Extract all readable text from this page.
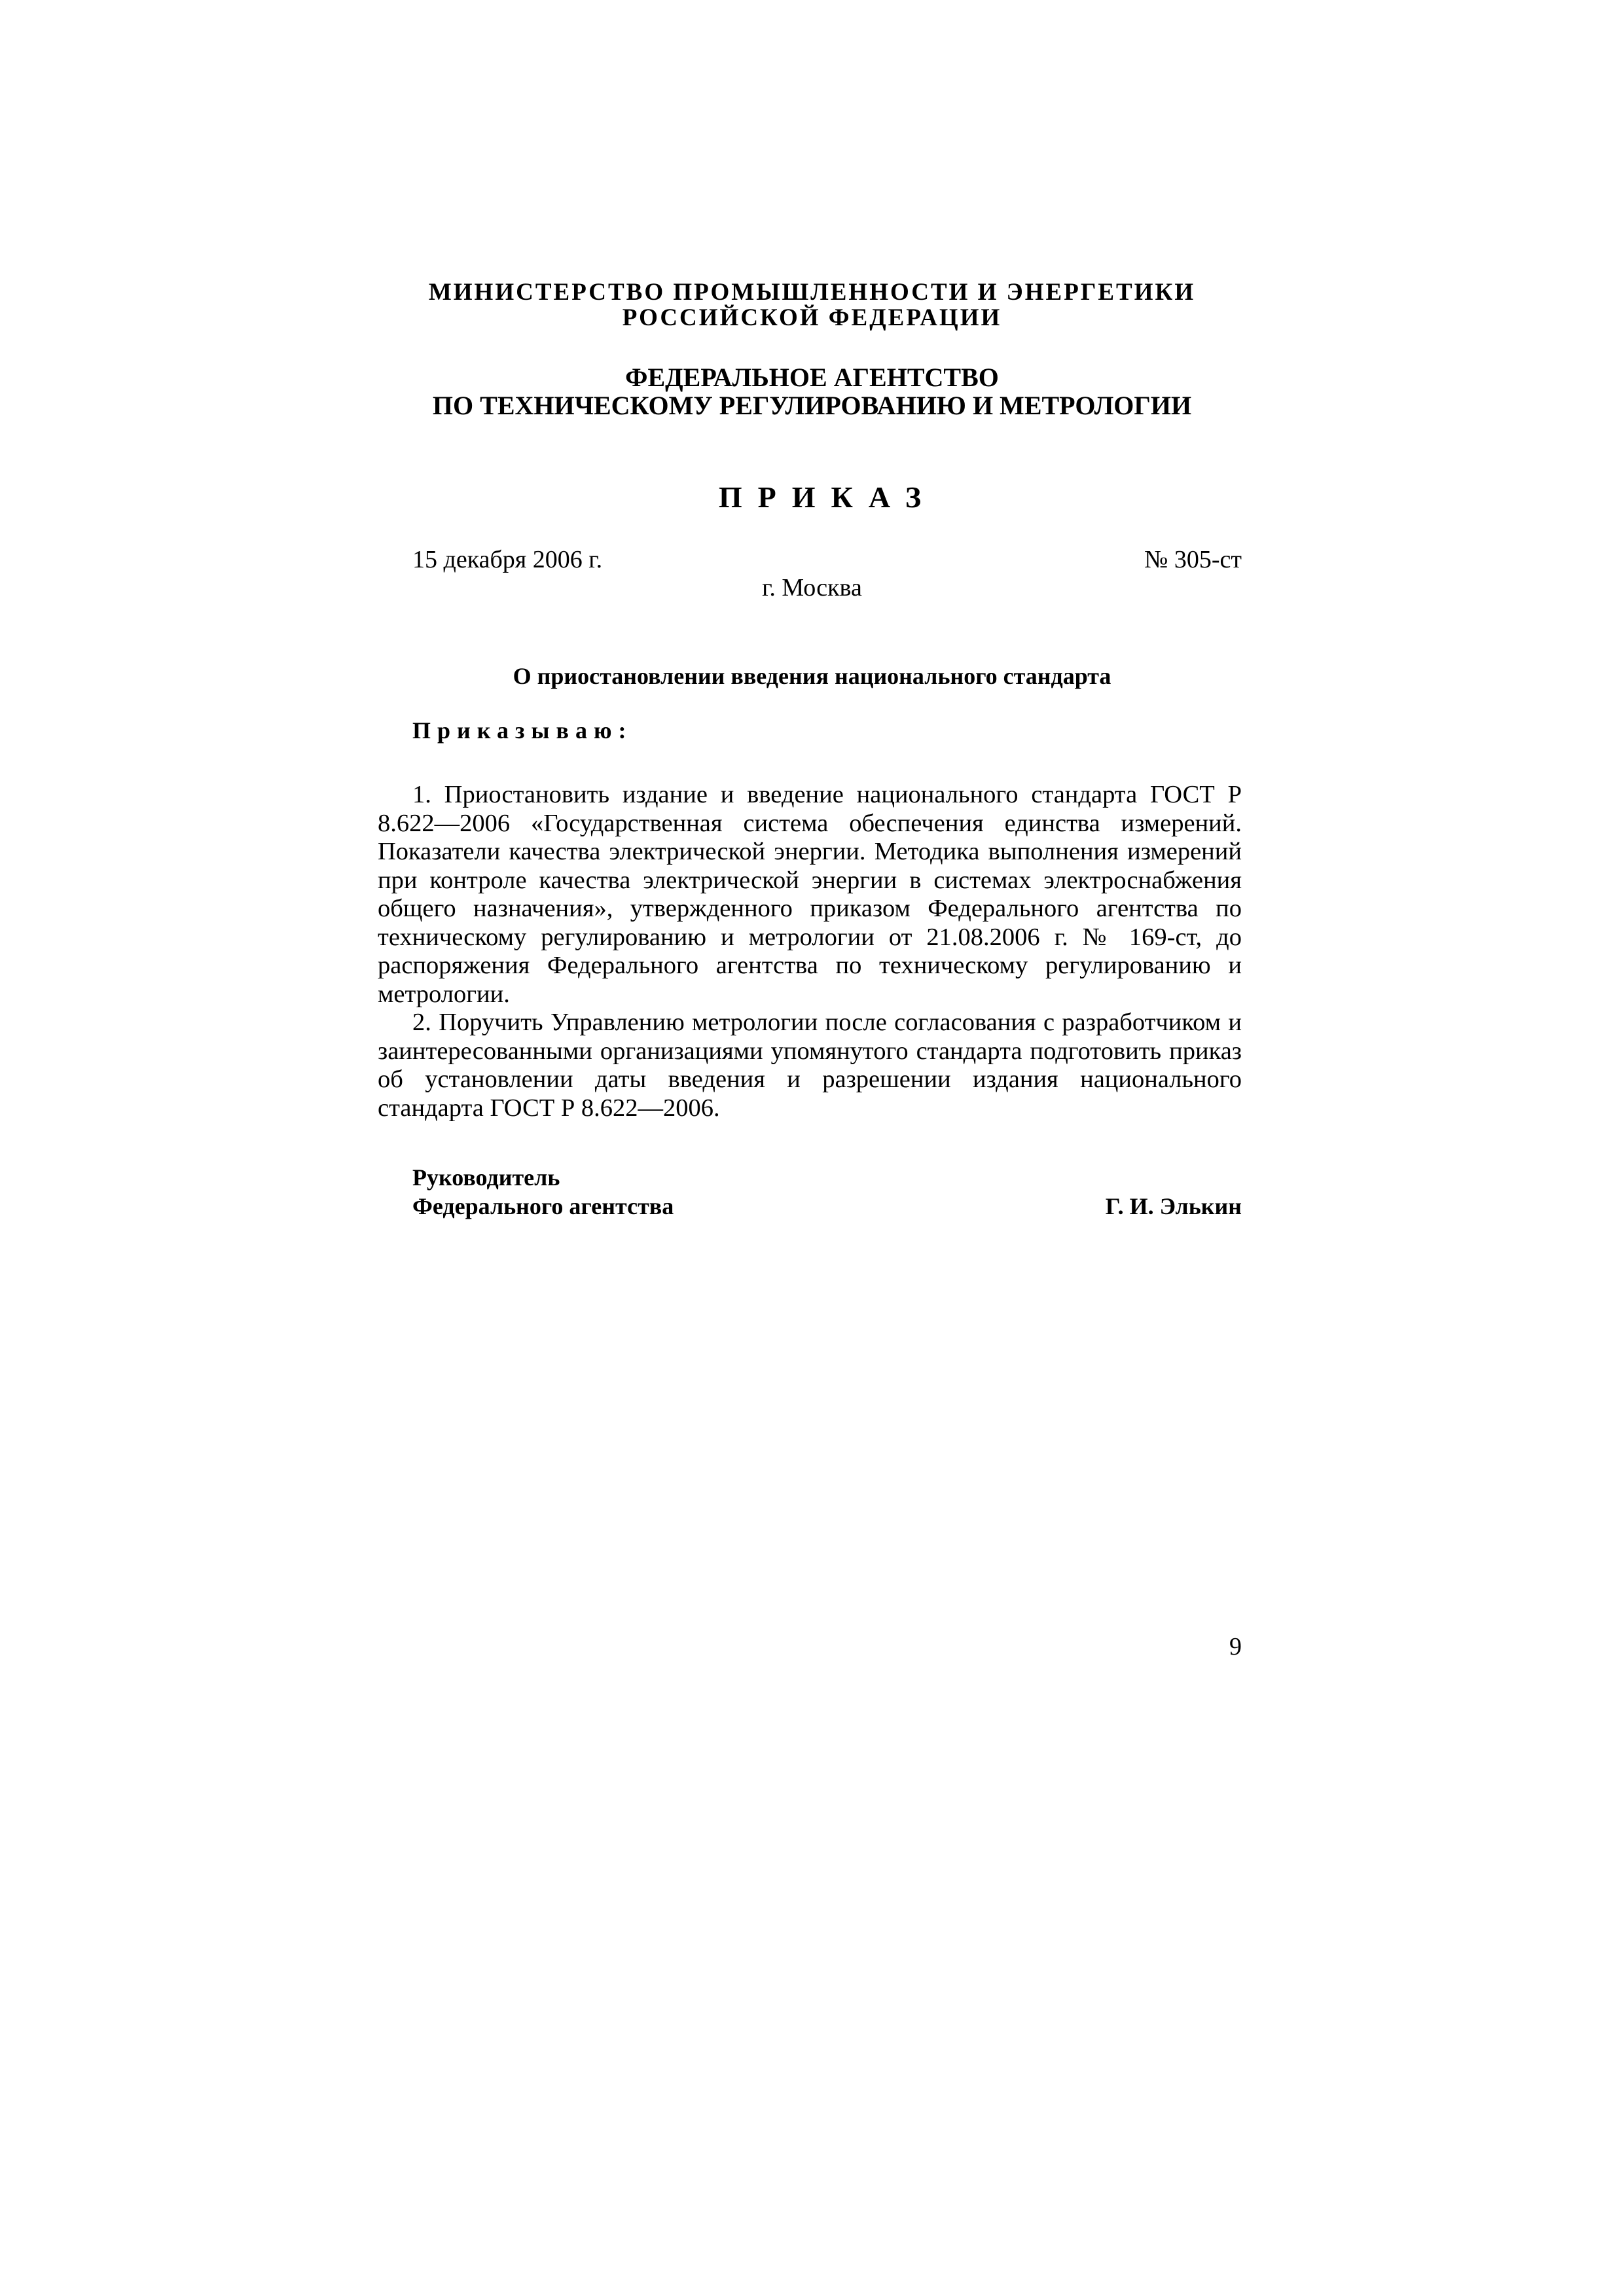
МИНИСТЕРСТВО ПРОМЫШЛЕННОСТИ И ЭНЕРГЕТИКИ
РОССИЙСКОЙ ФЕДЕРАЦИИ
ФЕДЕРАЛЬНОЕ АГЕНТСТВО
ПО ТЕХНИЧЕСКОМУ РЕГУЛИРОВАНИЮ И МЕТРОЛОГИИ
ПРИКАЗ
15 декабря 2006 г.	№ 305-ст
г. Москва
О приостановлении введения национального стандарта
Приказываю:

1. Приостановить издание и введение национального стандарта ГОСТ Р 8.622—2006 «Государственная система обеспечения единства измерений. Показатели качества электрической энергии. Методика выполнения измерений при контроле качества электрической энергии в системах электроснабжения общего назначения», утвержденного приказом Федерального агентства по техническому регулированию и метрологии от 21.08.2006 г. № 169-ст, до распоряжения Федерального агентства по техническому регулированию и метрологии.

2. Поручить Управлению метрологии после согласования с разработчиком и заинтересованными организациями упомянутого стандарта подготовить приказ об установлении даты введения и разрешении издания национального стандарта ГОСТ Р 8.622—2006.

Руководитель
Федерального агентства	Г. И. Элькин
9
